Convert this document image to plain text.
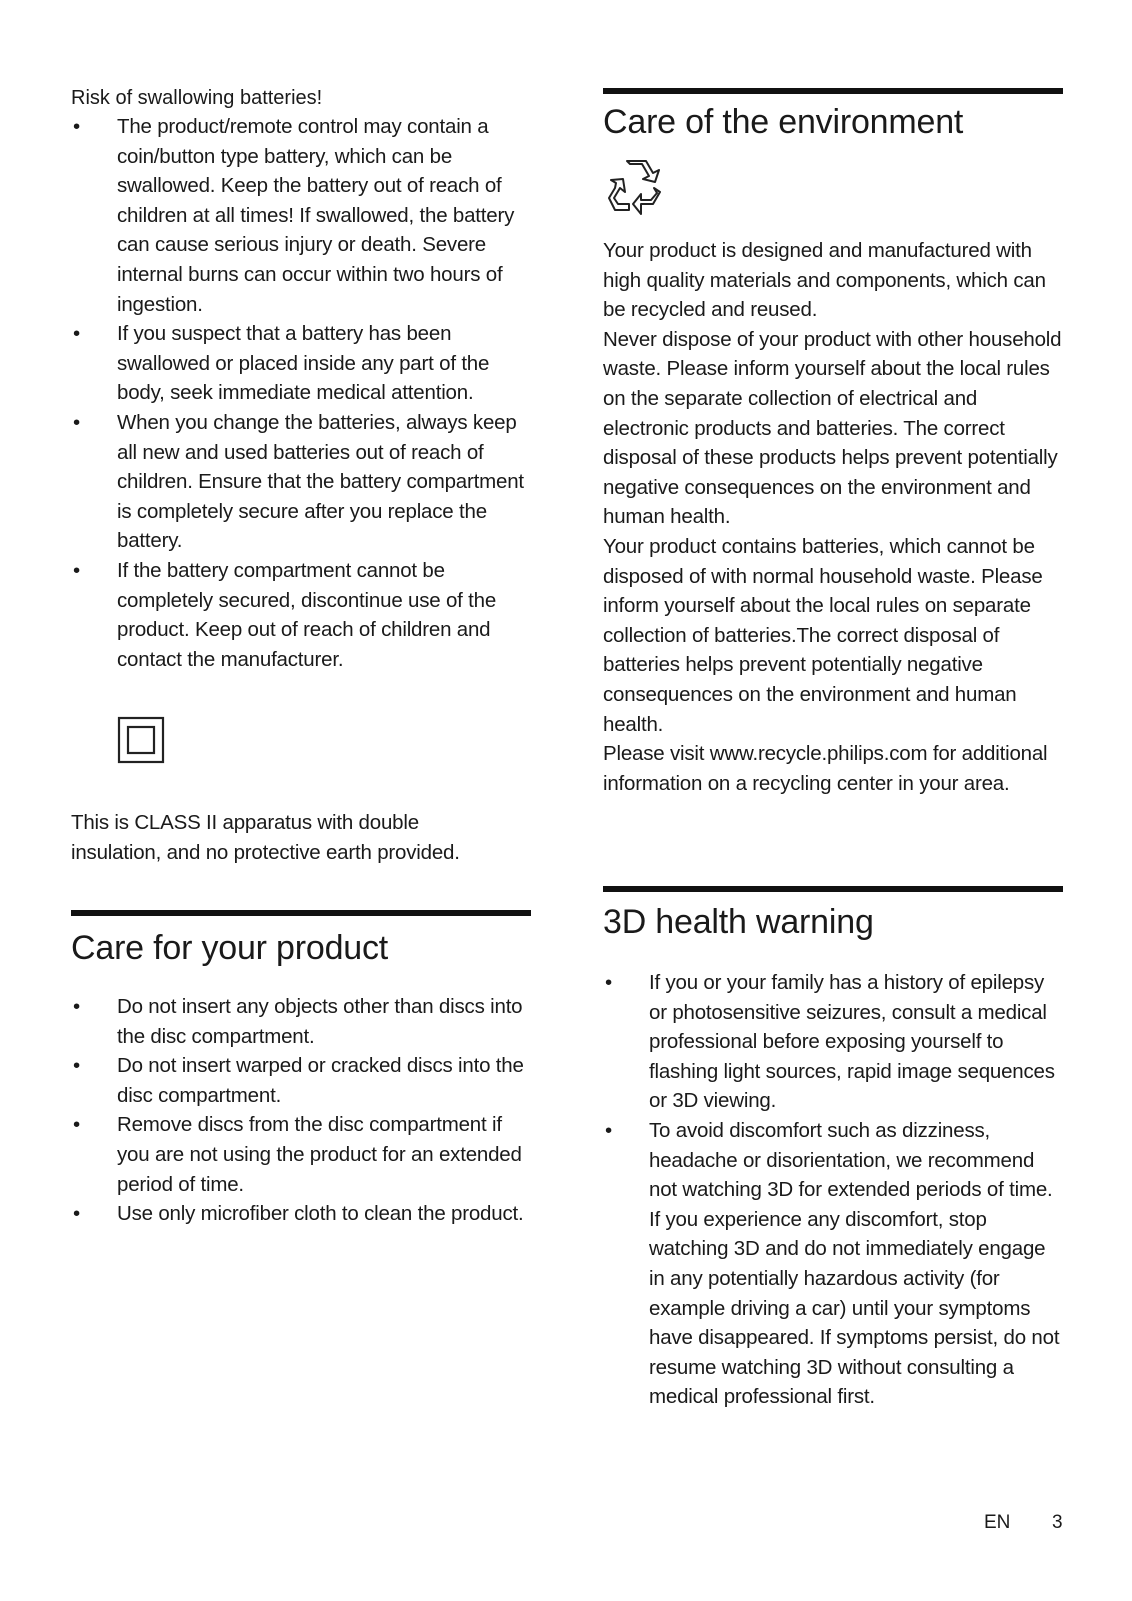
Risk of swallowing batteries!
• The product/remote control may contain a coin/button type battery, which can be swallowed. Keep the battery out of reach of children at all times! If swallowed, the battery can cause serious injury or death. Severe internal burns can occur within two hours of ingestion.
• If you suspect that a battery has been swallowed or placed inside any part of the body, seek immediate medical attention.
• When you change the batteries, always keep all new and used batteries out of reach of children. Ensure that the battery compartment is completely secure after you replace the battery.
• If the battery compartment cannot be completely secured, discontinue use of the product. Keep out of reach of children and contact the manufacturer.

This is CLASS II apparatus with double insulation, and no protective earth provided.

Care for your product
• Do not insert any objects other than discs into the disc compartment.
• Do not insert warped or cracked discs into the disc compartment.
• Remove discs from the disc compartment if you are not using the product for an extended period of time.
• Use only microfiber cloth to clean the product.
Care of the environment

Your product is designed and manufactured with high quality materials and components, which can be recycled and reused.

Never dispose of your product with other household waste. Please inform yourself about the local rules on the separate collection of electrical and electronic products and batteries. The correct disposal of these products helps prevent potentially negative consequences on the environment and human health.

Your product contains batteries, which cannot be disposed of with normal household waste. Please inform yourself about the local rules on separate collection of batteries.The correct disposal of batteries helps prevent potentially negative consequences on the environment and human health.

Please visit www.recycle.philips.com for additional information on a recycling center in your area.

3D health warning
• If you or your family has a history of epilepsy or photosensitive seizures, consult a medical professional before exposing yourself to flashing light sources, rapid image sequences or 3D viewing.
• To avoid discomfort such as dizziness, headache or disorientation, we recommend not watching 3D for extended periods of time. If you experience any discomfort, stop watching 3D and do not immediately engage in any potentially hazardous activity (for example driving a car) until your symptoms have disappeared. If symptoms persist, do not resume watching 3D without consulting a medical professional first.
EN 3
